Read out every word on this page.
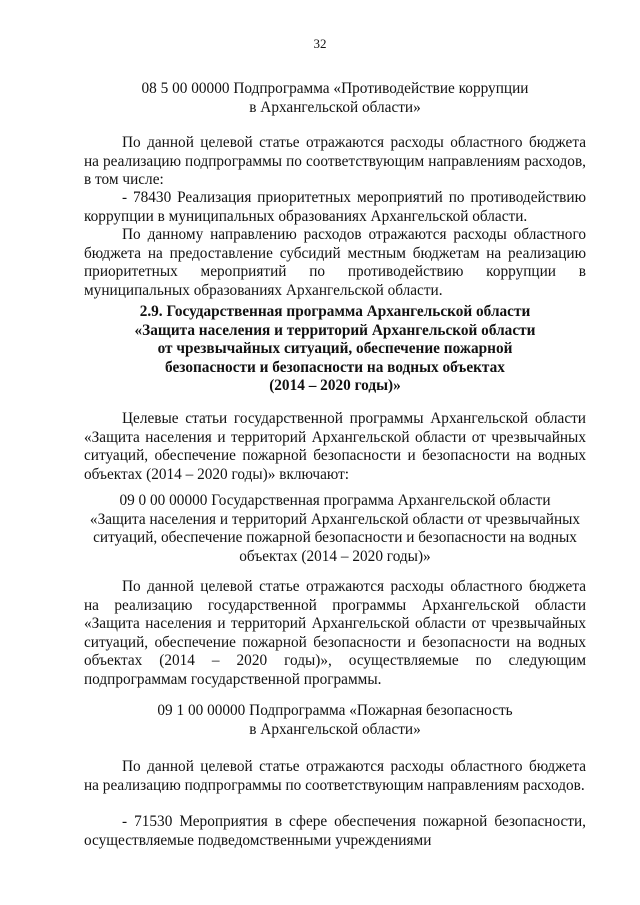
32
08 5 00 00000 Подпрограмма «Противодействие коррупции
в Архангельской области»
По данной целевой статье отражаются расходы областного бюджета на реализацию подпрограммы по соответствующим направлениям расходов, в том числе:
- 78430 Реализация приоритетных мероприятий по противодействию коррупции в муниципальных образованиях Архангельской области.
По данному направлению расходов отражаются расходы областного
бюджета на предоставление субсидий местным бюджетам на реализацию
приоритетных мероприятий по противодействию коррупции в
муниципальных образованиях Архангельской области.
2.9. Государственная программа Архангельской области
«Защита населения и территорий Архангельской области
от чрезвычайных ситуаций, обеспечение пожарной
безопасности и безопасности на водных объектах
(2014 – 2020 годы)»
Целевые статьи государственной программы Архангельской области «Защита населения и территорий Архангельской области от чрезвычайных ситуаций, обеспечение пожарной безопасности и безопасности на водных объектах (2014 – 2020 годы)» включают:
09 0 00 00000 Государственная программа Архангельской области
«Защита населения и территорий Архангельской области от чрезвычайных
ситуаций, обеспечение пожарной безопасности и безопасности на водных
объектах (2014 – 2020 годы)»
По данной целевой статье отражаются расходы областного бюджета на реализацию государственной программы Архангельской области «Защита населения и территорий Архангельской области от чрезвычайных ситуаций, обеспечение пожарной безопасности и безопасности на водных объектах (2014 – 2020 годы)», осуществляемые по следующим подпрограммам государственной программы.
09 1 00 00000 Подпрограмма «Пожарная безопасность
в Архангельской области»
По данной целевой статье отражаются расходы областного бюджета на реализацию подпрограммы по соответствующим направлениям расходов.
- 71530 Мероприятия в сфере обеспечения пожарной безопасности, осуществляемые подведомственными учреждениями
